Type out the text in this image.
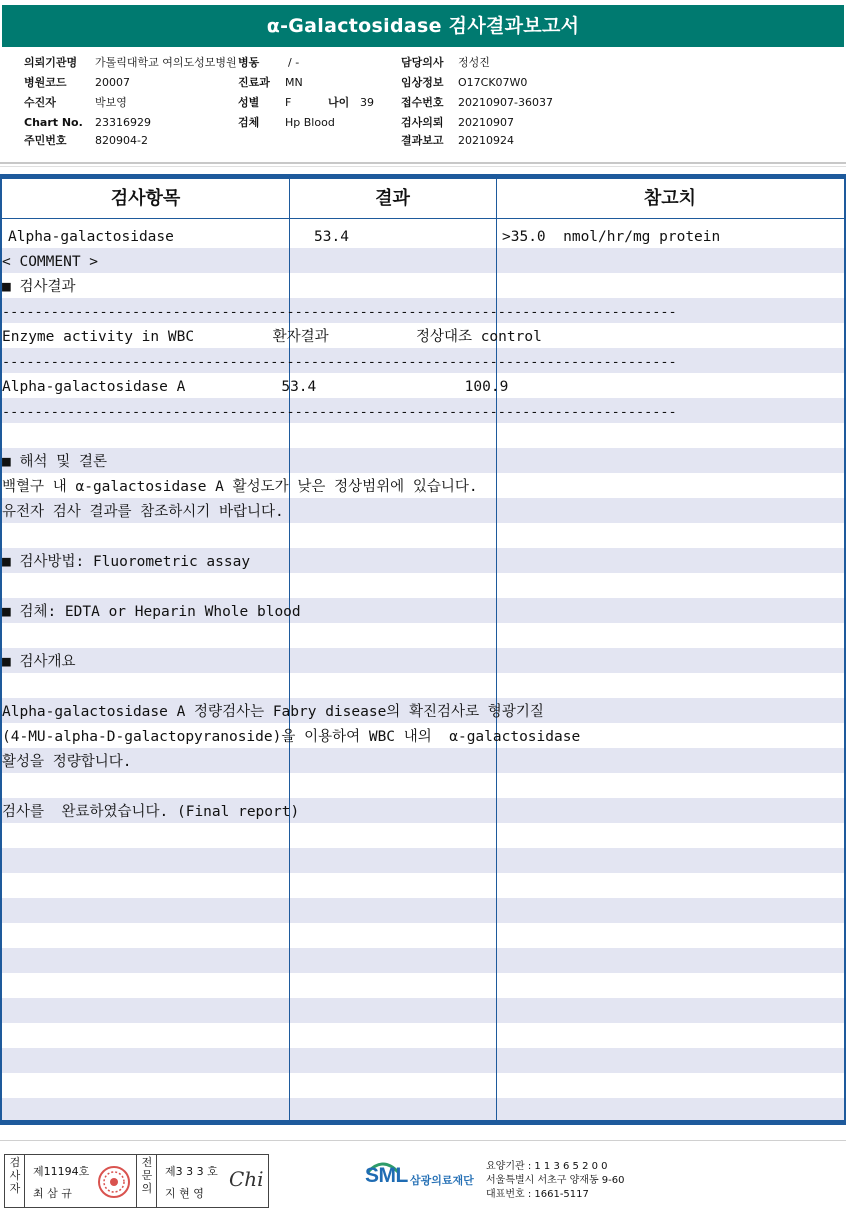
α-Galactosidase 검사결과보고서
의뢰기관명 가톨릭대학교 여의도성모병원
병원코드	20007
수진자	박보영
Chart No. 23316929
주민번호	820904-2
병동	/ -
진료과 MN
성별 F	나이 39
검체 Hp Blood
담당의사 정성진
임상정보 O17CK07W0
접수번호 20210907-36037
검사의뢰 20210907
결과보고 20210924
검사항목	결과	참고치
Alpha-galactosidase	53.4	>35.0  nmol/hr/mg protein
< COMMENT >
■ 검사결과
-----------------------------------------------------------------------------------
Enzyme activity in WBC         환자결과          정상대조 control
-----------------------------------------------------------------------------------
Alpha-galactosidase A           53.4                 100.9
-----------------------------------------------------------------------------------
■ 해석 및 결론
백혈구 내 α-galactosidase A 활성도가 낮은 정상범위에 있습니다.
유전자 검사 결과를 참조하시기 바랍니다.
■ 검사방법: Fluorometric assay
■ 검체: EDTA or Heparin Whole blood
■ 검사개요
Alpha-galactosidase A 정량검사는 Fabry disease의 확진검사로 형광기질
(4-MU-alpha-D-galactopyranoside)을 이용하여 WBC 내의  α-galactosidase
활성을 정량합니다.
검사를  완료하였습니다. (Final report)
검사자
제11194호
최 삼 규
전문의
제3 3 3 호
지 현 영
Chi	SML 삼광의료재단
요양기관 : 1 1 3 6 5 2 0 0
서울특별시 서초구 양재동 9-60
대표번호 : 1661-5117
